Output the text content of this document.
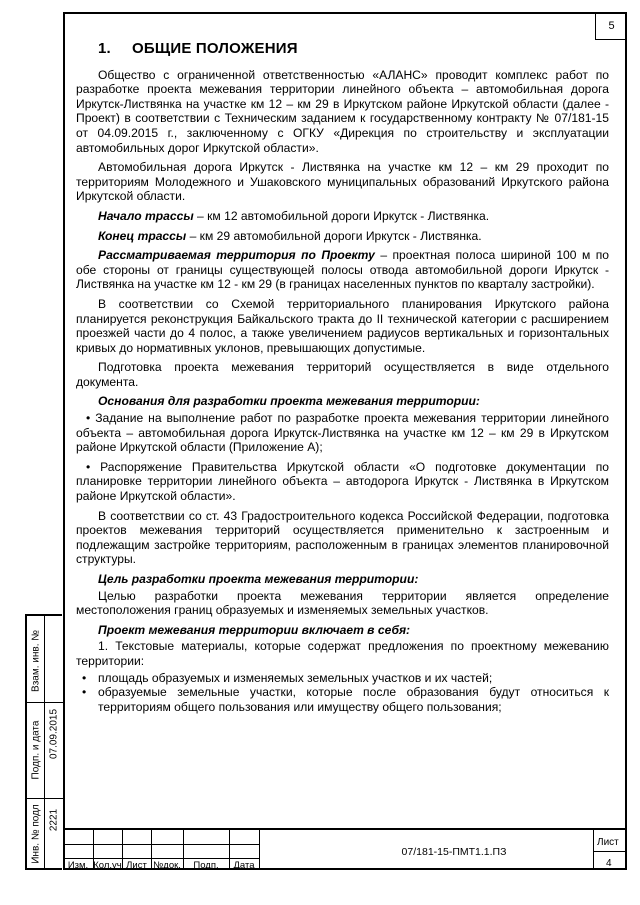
5
1. ОБЩИЕ ПОЛОЖЕНИЯ

Общество с ограниченной ответственностью «АЛАНС» проводит комплекс работ по разработке проекта межевания территории линейного объекта – автомобильная дорога Иркутск-Листвянка на участке км 12 – км 29 в Иркутском районе Иркутской области (далее - Проект) в соответствии с Техническим заданием к государственному контракту № 07/181-15 от 04.09.2015 г., заключенному с ОГКУ «Дирекция по строительству и эксплуатации автомобильных дорог Иркутской области».

Автомобильная дорога Иркутск - Листвянка на участке км 12 – км 29 проходит по территориям Молодежного и Ушаковского муниципальных образований Иркутского района Иркутской области.

Начало трассы – км 12 автомобильной дороги Иркутск - Листвянка.

Конец трассы – км 29 автомобильной дороги Иркутск - Листвянка.

Рассматриваемая территория по Проекту – проектная полоса шириной 100 м по обе стороны от границы существующей полосы отвода автомобильной дороги Иркутск - Листвянка на участке км 12 - км 29 (в границах населенных пунктов по кварталу застройки).

В соответствии со Схемой территориального планирования Иркутского района планируется реконструкция Байкальского тракта до II технической категории с расширением проезжей части до 4 полос, а также увеличением радиусов вертикальных и горизонтальных кривых до нормативных уклонов, превышающих допустимые.

Подготовка проекта межевания территорий осуществляется в виде отдельного документа.

Основания для разработки проекта межевания территории:

• Задание на выполнение работ по разработке проекта межевания территории линейного объекта – автомобильная дорога Иркутск-Листвянка на участке км 12 – км 29 в Иркутском районе Иркутской области (Приложение А);

• Распоряжение Правительства Иркутской области «О подготовке документации по планировке территории линейного объекта – автодорога Иркутск - Листвянка в Иркутском районе Иркутской области».

В соответствии со ст. 43 Градостроительного кодекса Российской Федерации, подготовка проектов межевания территорий осуществляется применительно к застроенным и подлежащим застройке территориям, расположенным в границах элементов планировочной структуры.

Цель разработки проекта межевания территории:

Целью разработки проекта межевания территории является определение местоположения границ образуемых и изменяемых земельных участков.

Проект межевания территории включает в себя:

1. Текстовые материалы, которые содержат предложения по проектному межеванию территории:

• площадь образуемых и изменяемых земельных участков и их частей;
• образуемые земельные участки, которые после образования будут относиться к территориям общего пользования или имуществу общего пользования;
Взам. инв. №
Подп. и дата 07.09.2015
Инв. № подл 2221
Изм. Кол.уч Лист №док.	Подп.	Дата
07/181-15-ПМТ1.1.ПЗ
Лист
4
